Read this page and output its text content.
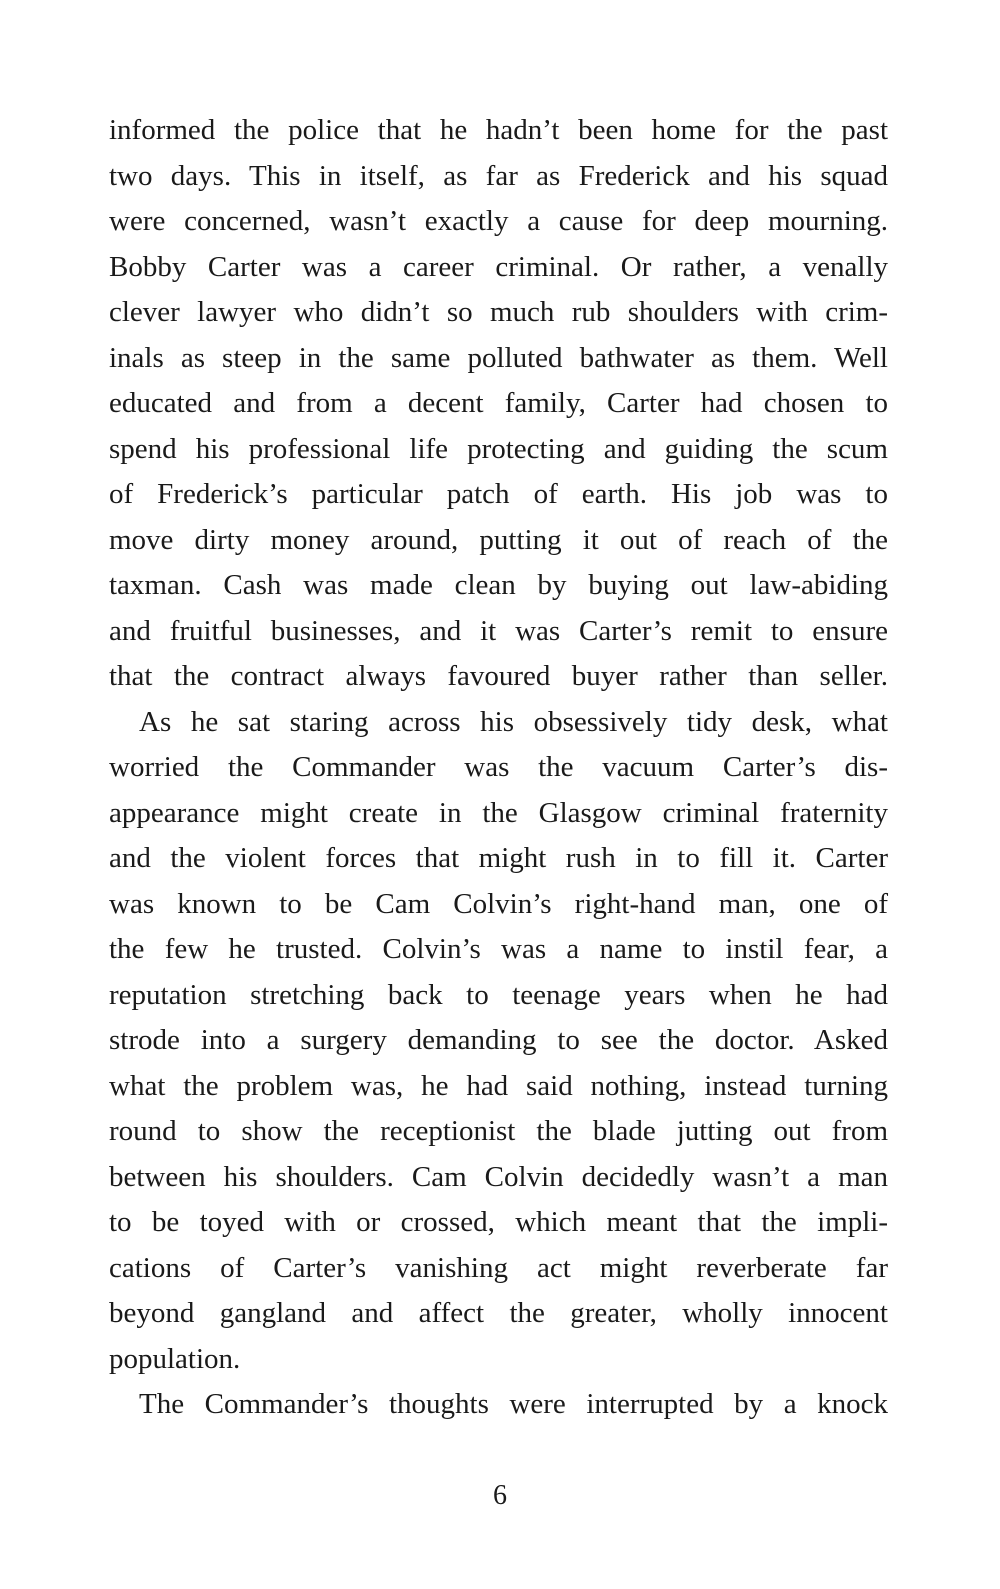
informed the police that he hadn’t been home for the past
two days. This in itself, as far as Frederick and his squad
were concerned, wasn’t exactly a cause for deep mourning.
Bobby Carter was a career criminal. Or rather, a venally
clever lawyer who didn’t so much rub shoulders with crim-
inals as steep in the same polluted bathwater as them. Well
educated and from a decent family, Carter had chosen to
spend his professional life protecting and guiding the scum
of Frederick’s particular patch of earth. His job was to
move dirty money around, putting it out of reach of the
taxman. Cash was made clean by buying out law-abiding
and fruitful businesses, and it was Carter’s remit to ensure
that the contract always favoured buyer rather than seller.
As he sat staring across his obsessively tidy desk, what
worried the Commander was the vacuum Carter’s dis-
appearance might create in the Glasgow criminal fraternity
and the violent forces that might rush in to fill it. Carter
was known to be Cam Colvin’s right-hand man, one of
the few he trusted. Colvin’s was a name to instil fear, a
reputation stretching back to teenage years when he had
strode into a surgery demanding to see the doctor. Asked
what the problem was, he had said nothing, instead turning
round to show the receptionist the blade jutting out from
between his shoulders. Cam Colvin decidedly wasn’t a man
to be toyed with or crossed, which meant that the impli-
cations of Carter’s vanishing act might reverberate far
beyond gangland and affect the greater, wholly innocent
population.
The Commander’s thoughts were interrupted by a knock
6
